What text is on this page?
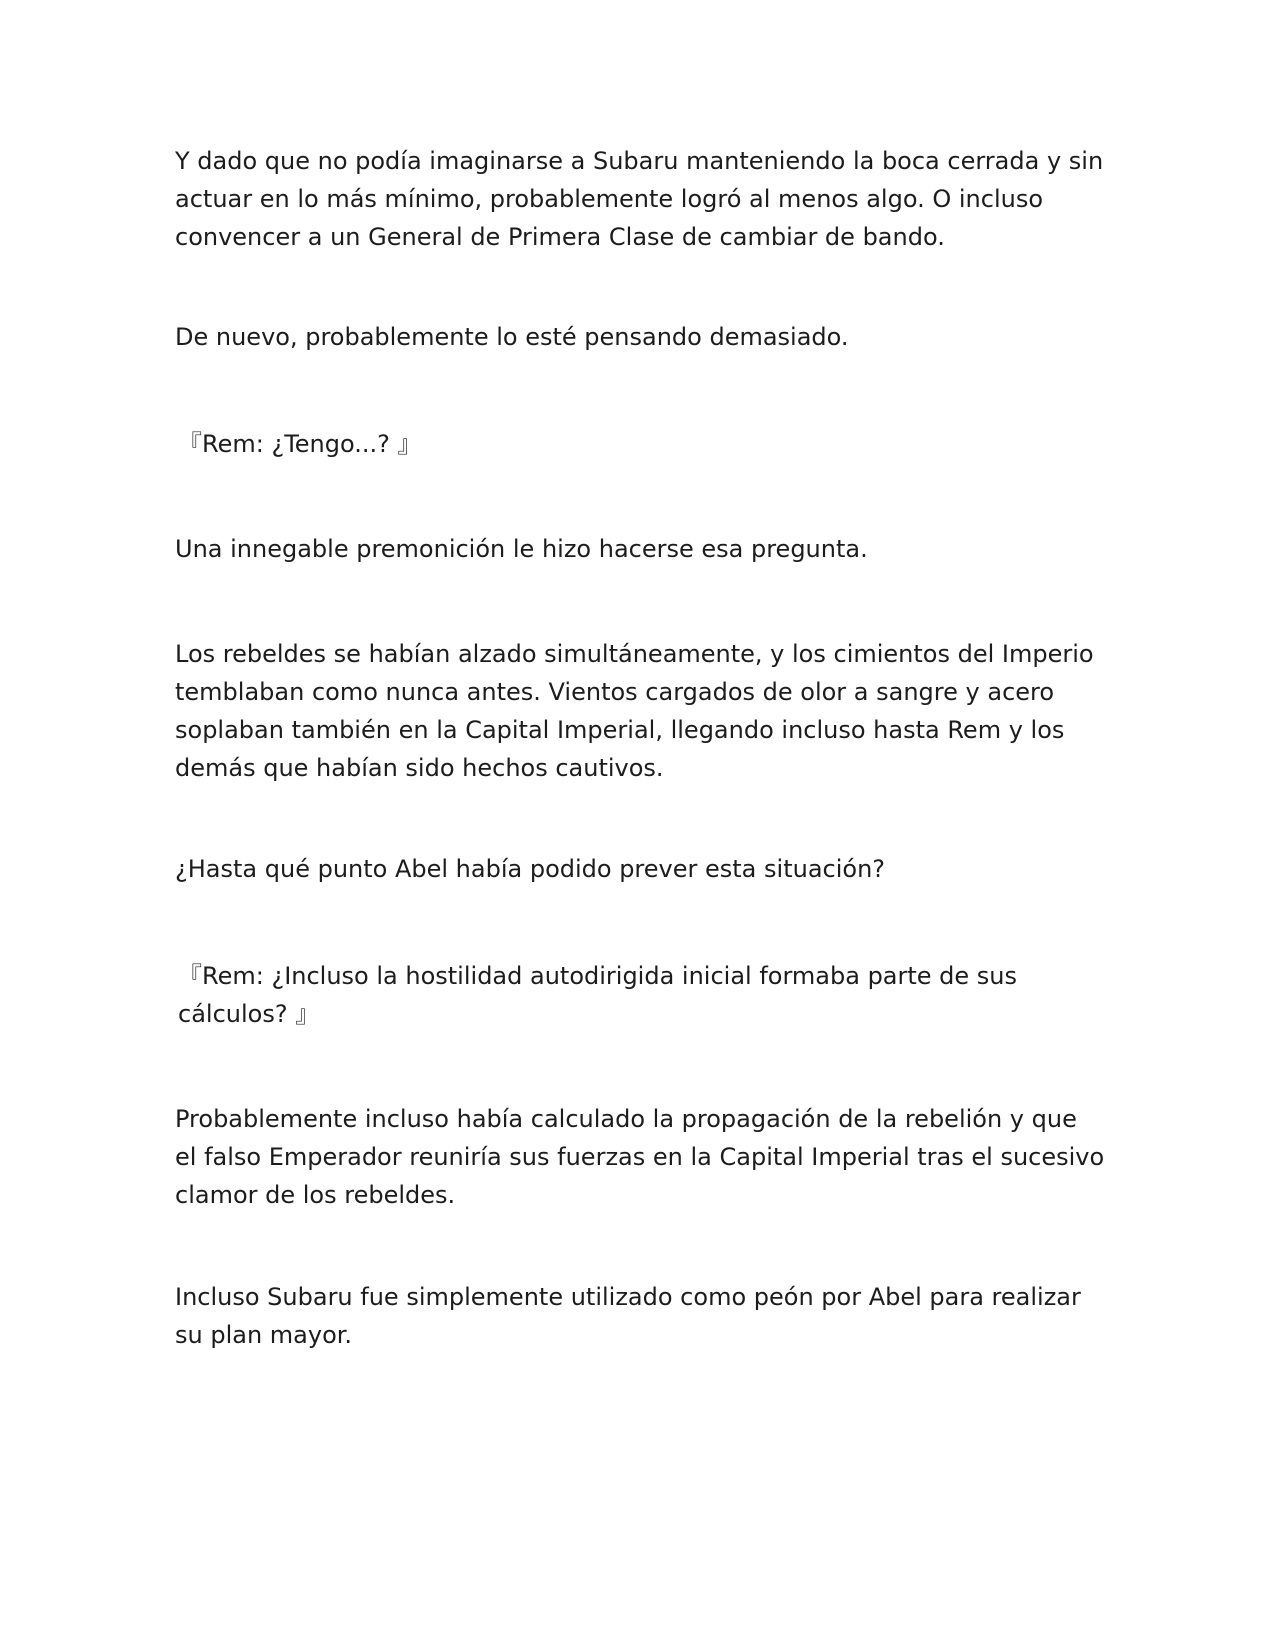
Y dado que no podía imaginarse a Subaru manteniendo la boca cerrada y sin actuar en lo más mínimo, probablemente logró al menos algo. O incluso convencer a un General de Primera Clase de cambiar de bando.

De nuevo, probablemente lo esté pensando demasiado.

『Rem: ¿Tengo...? 』

Una innegable premonición le hizo hacerse esa pregunta.

Los rebeldes se habían alzado simultáneamente, y los cimientos del Imperio temblaban como nunca antes. Vientos cargados de olor a sangre y acero soplaban también en la Capital Imperial, llegando incluso hasta Rem y los demás que habían sido hechos cautivos.

¿Hasta qué punto Abel había podido prever esta situación?

『Rem: ¿Incluso la hostilidad autodirigida inicial formaba parte de sus cálculos? 』

Probablemente incluso había calculado la propagación de la rebelión y que el falso Emperador reuniría sus fuerzas en la Capital Imperial tras el sucesivo clamor de los rebeldes.

Incluso Subaru fue simplemente utilizado como peón por Abel para realizar su plan mayor.
